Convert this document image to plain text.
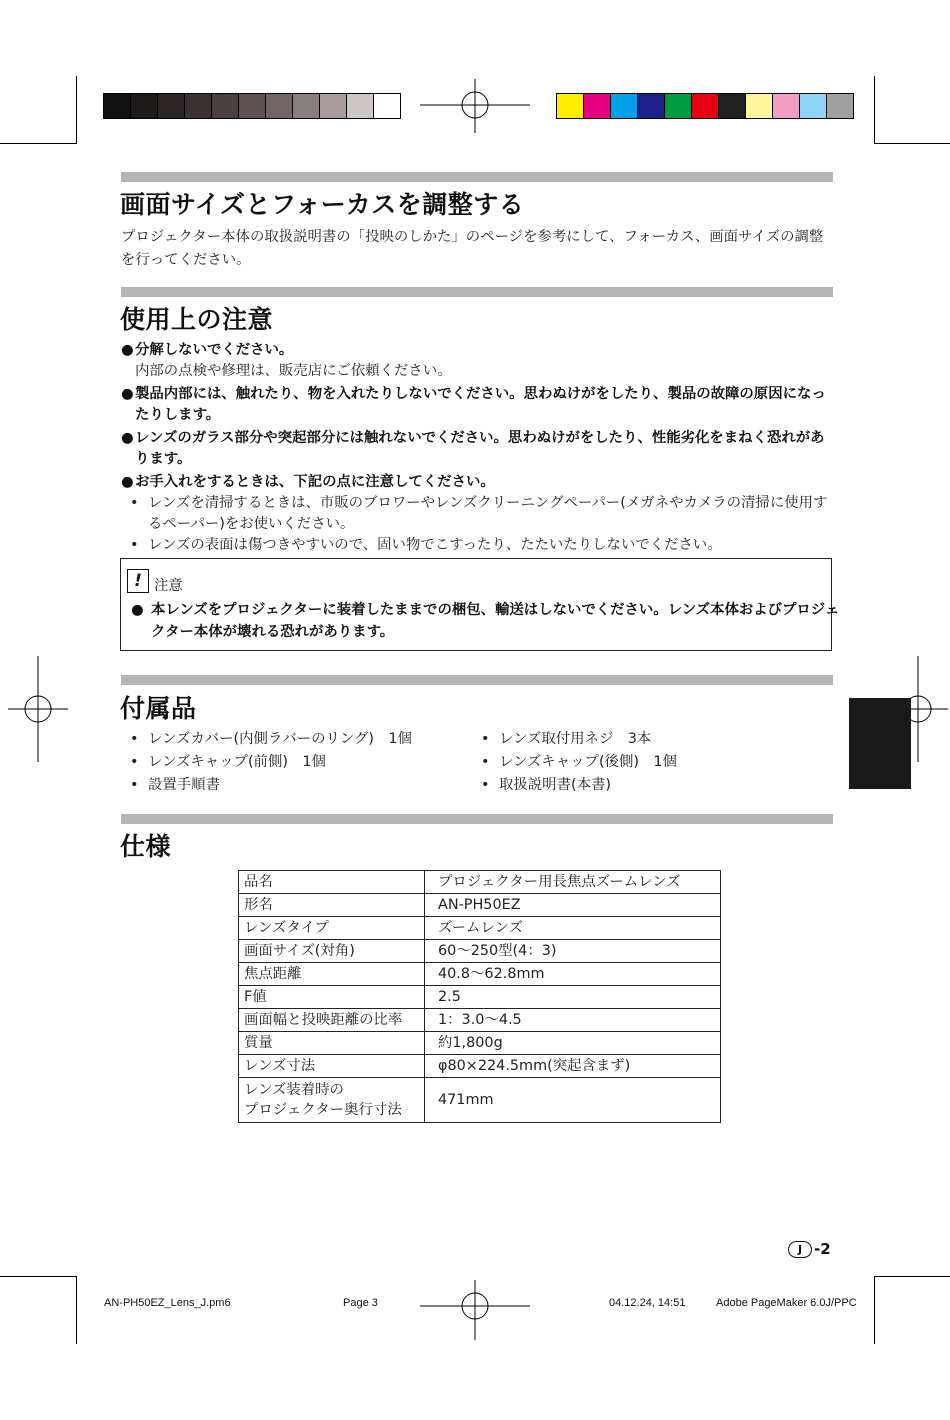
画面サイズとフォーカスを調整する

プロジェクター本体の取扱説明書の「投映のしかた」のページを参考にして、フォーカス、画面サイズの調整を行ってください。

使用上の注意
●分解しないでください。

内部の点検や修理は、販売店にご依頼ください。

●製品内部には、触れたり、物を入れたりしないでください。思わぬけがをしたり、製品の故障の原因になったりします。
●レンズのガラス部分や突起部分には触れないでください。思わぬけがをしたり、性能劣化をまねく恐れがあります。
●お手入れをするときは、下記の点に注意してください。

• レンズを清掃するときは、市販のブロワーやレンズクリーニングペーパー(メガネやカメラの清掃に使用するペーパー)をお使いください。

• レンズの表面は傷つきやすいので、固い物でこすったり、たたいたりしないでください。

! 注意

● 本レンズをプロジェクターに装着したままでの梱包、輸送はしないでください。レンズ本体およびプロジェクター本体が壊れる恐れがあります。

付属品
• レンズカバー(内側ラバーのリング)　1個
• レンズキャップ(前側)　1個
• 設置手順書
• レンズ取付用ネジ　3本
• レンズキャップ(後側)　1個
• 取扱説明書(本書)
仕様
品名	プロジェクター用長焦点ズームレンズ
形名	AN-PH50EZ
レンズタイプ	ズームレンズ
画面サイズ(対角)	60〜250型(4：3)
焦点距離	40.8〜62.8mm
F値	2.5
画面幅と投映距離の比率	1：3.0〜4.5
質量	約1,800g
レンズ寸法	φ80×224.5mm(突起含まず)
レンズ装着時の
プロジェクター奥行寸法	471mm
J -2
AN-PH50EZ_Lens_J.pm6	Page 3	04.12.24, 14:51	Adobe PageMaker 6.0J/PPC
